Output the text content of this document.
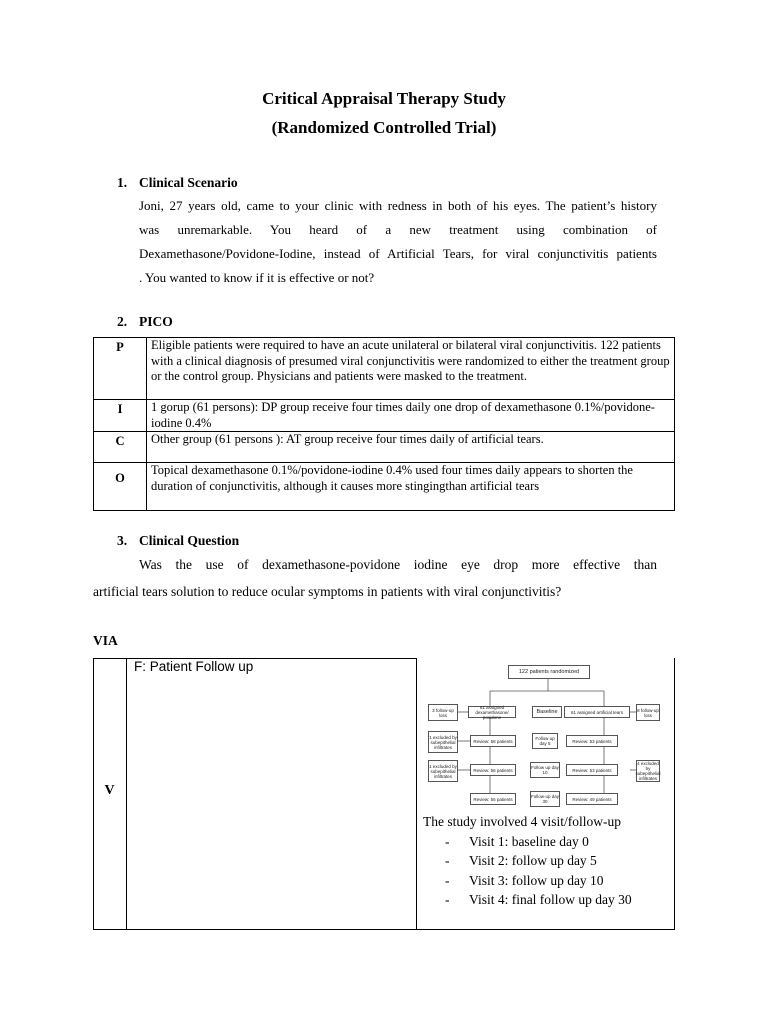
Critical Appraisal Therapy Study
(Randomized Controlled Trial)
1. Clinical Scenario
Joni, 27 years old, came to your clinic with redness in both of his eyes. The patient’s history
was unremarkable. You heard of a new treatment using combination of
Dexamethasone/Povidone-Iodine, instead of Artificial Tears, for viral conjunctivitis patients
. You wanted to know if it is effective or not?
2. PICO
P	Eligible patients were required to have an acute unilateral or bilateral viral conjunctivitis. 122 patients with a clinical diagnosis of presumed viral conjunctivitis were randomized to either the treatment group or the control group. Physicians and patients were masked to the treatment.
I	1 gorup (61 persons): DP group receive four times daily one drop of dexamethasone 0.1%/povidone-iodine 0.4%
C	Other group (61 persons ): AT group receive four times daily of artificial tears.
O	Topical dexamethasone 0.1%/povidone-iodine 0.4% used four times daily appears to shorten the duration of conjunctivitis, although it causes more stingingthan artificial tears
3. Clinical Question
Was the use of dexamethasone-povidone iodine eye drop more effective than
artificial tears solution to reduce ocular symptoms in patients with viral conjunctivitis?
VIA
V
F: Patient Follow up	122 patients randomized
3 follow-up loss
61 assigned dexamethasone/ povidone
Baseline	61 assigned artificial tears	8 follow-up loss
1 excluded by subepithelial infiltrates
Review: 58 patients	Follow up day 5	Review: 53 patients
1 excluded by subepithelial infiltrates
Review: 56 patients	Follow up day 10	Review: 53 patients
4 excluded by subepithelial infiltrates
Review: 55 patients	Follow-up day 30	Review: 49 patients
The study involved 4 visit/follow-up
- Visit 1: baseline day 0
- Visit 2: follow up day 5
- Visit 3: follow up day 10
- Visit 4: final follow up day 30
